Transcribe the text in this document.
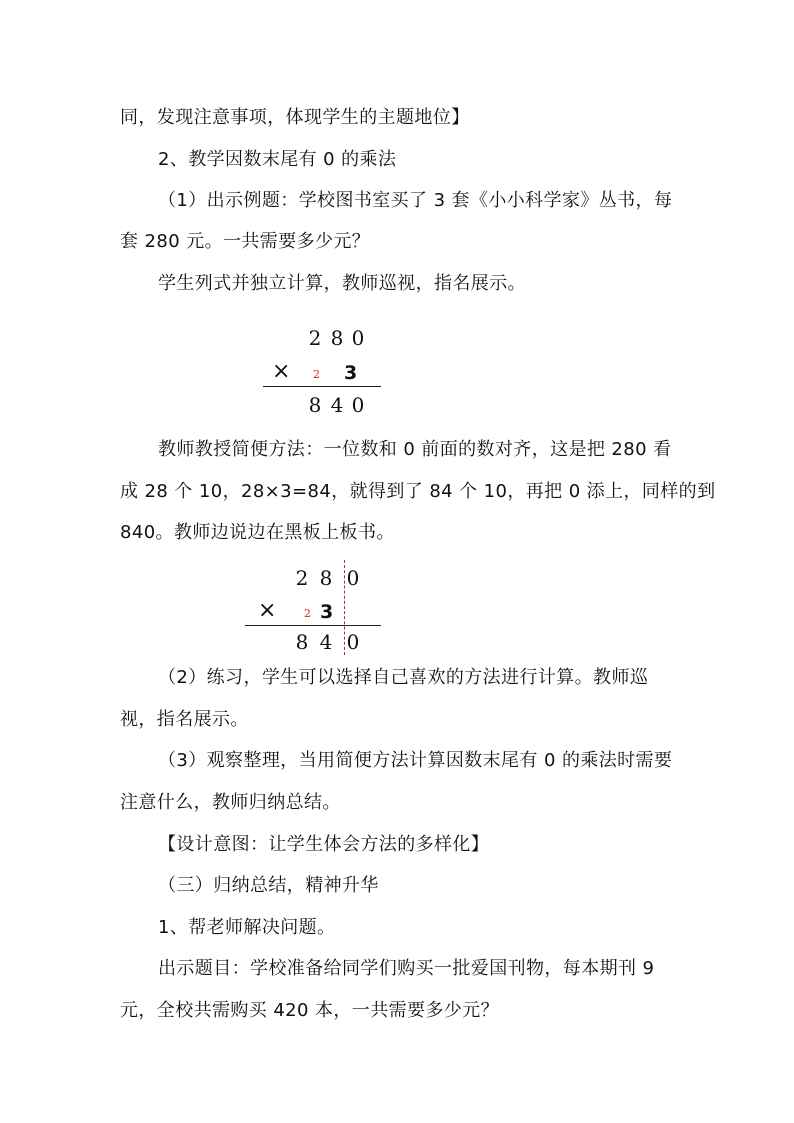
同，发现注意事项，体现学生的主题地位】
2、教学因数末尾有 0 的乘法
（1）出示例题：学校图书室买了 3 套《小小科学家》丛书，每
套 280 元。一共需要多少元？
学生列式并独立计算，教师巡视，指名展示。
2 8 0
× 2 3
8 4 0
教师教授简便方法：一位数和 0 前面的数对齐，这是把 280 看
成 28 个 10，28×3=84，就得到了 84 个 10，再把 0 添上，同样的到
840。教师边说边在黑板上板书。
2 8 0
×	2 3
8 4 0
（2）练习，学生可以选择自己喜欢的方法进行计算。教师巡
视，指名展示。
（3）观察整理，当用简便方法计算因数末尾有 0 的乘法时需要
注意什么，教师归纳总结。
【设计意图：让学生体会方法的多样化】
（三）归纳总结，精神升华
1、帮老师解决问题。
出示题目：学校准备给同学们购买一批爱国刊物，每本期刊 9
元，全校共需购买 420 本，一共需要多少元？
